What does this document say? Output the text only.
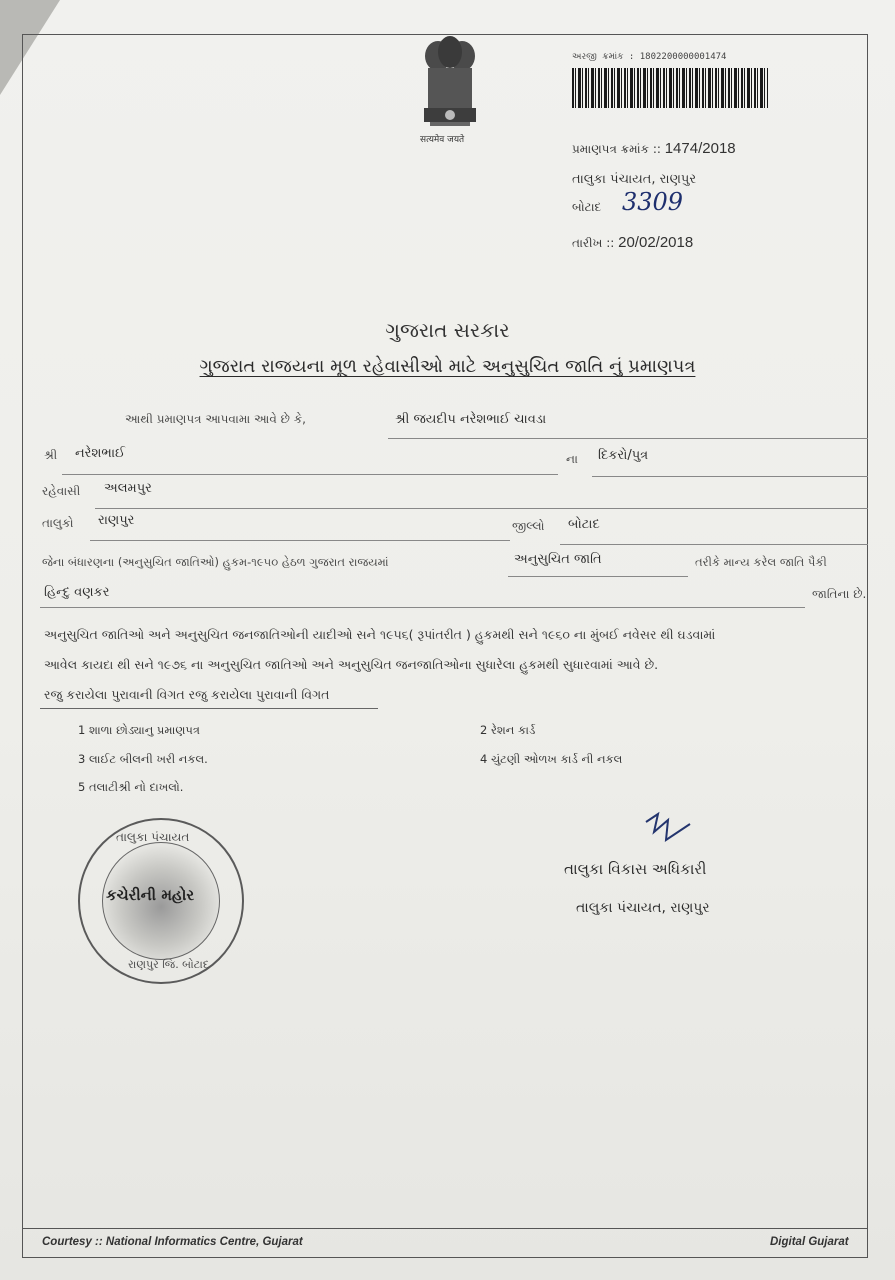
सत्यमेव जयते
અરજી ક્રમાંક : 1802200000001474
પ્રમાણપત્ર ક્રમાંક :: 1474/2018
તાલુકા પંચાયત, રાણપુર
બોટાદ 3309
તારીખ :: 20/02/2018
ગુજરાત સરકાર
ગુજરાત રાજયના મૂળ રહેવાસીઓ માટે અનુસુચિત જાતિ નું પ્રમાણપત્ર
આથી પ્રમાણપત્ર આપવામા આવે છે કે,	શ્રી જયદીપ નરેશભાઈ ચાવડા
શ્રી નરેશભાઈ	ના દિકરો/પુત્ર
રહેવાસી અલમપુર
તાલુકો રાણપુર	જીલ્લો બોટાદ
જેના બંધારણના (અનુસુચિત જાતિઓ) હુકમ-૧૯૫૦ હેઠળ ગુજરાત રાજયમાં	અનુસુચિત જાતિ	તરીકે માન્ય કરેલ જાતિ પૈકી
હિન્દુ વણકર	જાતિના છે.
અનુસુચિત જાતિઓ અને અનુસુચિત જનજાતિઓની યાદીઓ સને ૧૯૫૬( રૂપાંતરીત ) હુકમથી સને ૧૯૬૦ ના મુંબઈ નવેસર થી ઘડવામાં
આવેલ કાયદા થી સને ૧૯૭૬ ના અનુસુચિત જાતિઓ અને અનુસુચિત જનજાતિઓના સુધારેલા હુકમથી સુધારવામાં આવે છે.
રજુ કરાયેલા પુરાવાની વિગત રજુ કરાયેલા પુરાવાની વિગત
1 શાળા છોડ્યાનુ પ્રમાણપત્ર	2 રેશન કાર્ડ
3 લાઈટ બીલની ખરી નકલ.	4 ચુંટણી ઓળખ કાર્ડ ની નકલ
5 તલાટીશ્રી નો દાખલો.
તાલુકા પંચાયત
કચેરીની મહોર
રાણપુર જિ. બોટાદ
તાલુકા વિકાસ અધિકારી
તાલુકા પંચાયત, રાણપુર
Courtesy :: National Informatics Centre, Gujarat	Digital Gujarat
